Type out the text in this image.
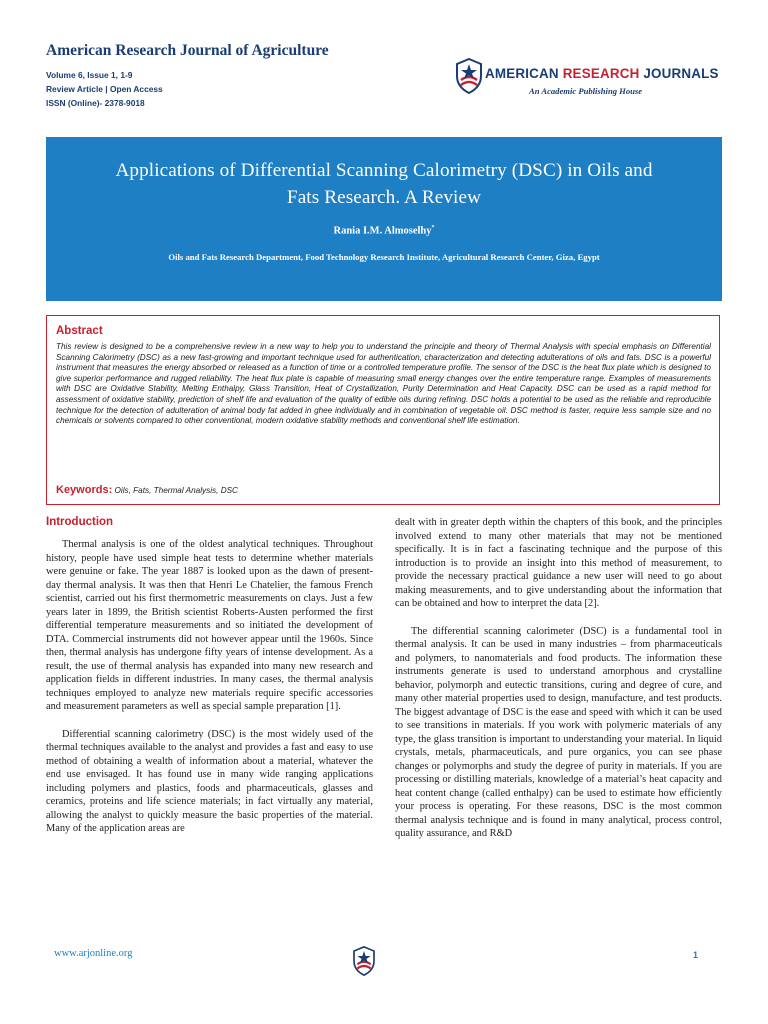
American Research Journal of Agriculture
Volume 6, Issue 1, 1-9
Review Article | Open Access
ISSN (Online)- 2378-9018
AMERICAN RESEARCH JOURNALS
An Academic Publishing House
Applications of Differential Scanning Calorimetry (DSC) in Oils and
Fats Research. A Review
Rania I.M. Almoselhy*
Oils and Fats Research Department, Food Technology Research Institute, Agricultural Research Center, Giza, Egypt
Abstract
This review is designed to be a comprehensive review in a new way to help you to understand the principle and theory of Thermal Analysis with special emphasis on Differential Scanning Calorimetry (DSC) as a new fast-growing and important technique used for authentication, characterization and detecting adulterations of oils and fats. DSC is a powerful instrument that measures the energy absorbed or released as a function of time or a controlled temperature profile. The sensor of the DSC is the heat flux plate which is designed to give superior performance and rugged reliability. The heat flux plate is capable of measuring small energy changes over the entire temperature range. Examples of measurements with DSC are Oxidative Stability, Melting Enthalpy, Glass Transition, Heat of Crystallization, Purity Determination and Heat Capacity. DSC can be used as a rapid method for assessment of oxidative stability, prediction of shelf life and evaluation of the quality of edible oils during refining. DSC holds a potential to be used as the reliable and reproducible technique for the detection of adulteration of animal body fat added in ghee individually and in combination of vegetable oil. DSC method is faster, require less sample size and no chemicals or solvents compared to other conventional, modern oxidative stability methods and conventional shelf life estimation.
Keywords: Oils, Fats, Thermal Analysis, DSC
Introduction

Thermal analysis is one of the oldest analytical techniques. Throughout history, people have used simple heat tests to determine whether materials were genuine or fake. The year 1887 is looked upon as the dawn of present-day thermal analysis. It was then that Henri Le Chatelier, the famous French scientist, carried out his first thermometric measurements on clays. Just a few years later in 1899, the British scientist Roberts-Austen performed the first differential temperature measurements and so initiated the development of DTA. Commercial instruments did not however appear until the 1960s. Since then, thermal analysis has undergone fifty years of intense development. As a result, the use of thermal analysis has expanded into many new research and application fields in different industries. In many cases, the thermal analysis techniques employed to analyze new materials require specific accessories and measurement parameters as well as special sample preparation [1].

Differential scanning calorimetry (DSC) is the most widely used of the thermal techniques available to the analyst and provides a fast and easy to use method of obtaining a wealth of information about a material, whatever the end use envisaged. It has found use in many wide ranging applications including polymers and plastics, foods and pharmaceuticals, glasses and ceramics, proteins and life science materials; in fact virtually any material, allowing the analyst to quickly measure the basic properties of the material. Many of the application areas are

dealt with in greater depth within the chapters of this book, and the principles involved extend to many other materials that may not be mentioned specifically. It is in fact a fascinating technique and the purpose of this introduction is to provide an insight into this method of measurement, to provide the necessary practical guidance a new user will need to go about making measurements, and to give understanding about the information that can be obtained and how to interpret the data [2].

The differential scanning calorimeter (DSC) is a fundamental tool in thermal analysis. It can be used in many industries – from pharmaceuticals and polymers, to nanomaterials and food products. The information these instruments generate is used to understand amorphous and crystalline behavior, polymorph and eutectic transitions, curing and degree of cure, and many other material properties used to design, manufacture, and test products. The biggest advantage of DSC is the ease and speed with which it can be used to see transitions in materials. If you work with polymeric materials of any type, the glass transition is important to understanding your material. In liquid crystals, metals, pharmaceuticals, and pure organics, you can see phase changes or polymorphs and study the degree of purity in materials. If you are processing or distilling materials, knowledge of a material’s heat capacity and heat content change (called enthalpy) can be used to estimate how efficiently your process is operating. For these reasons, DSC is the most common thermal analysis technique and is found in many analytical, process control, quality assurance, and R&D

www.arjonline.org	1
